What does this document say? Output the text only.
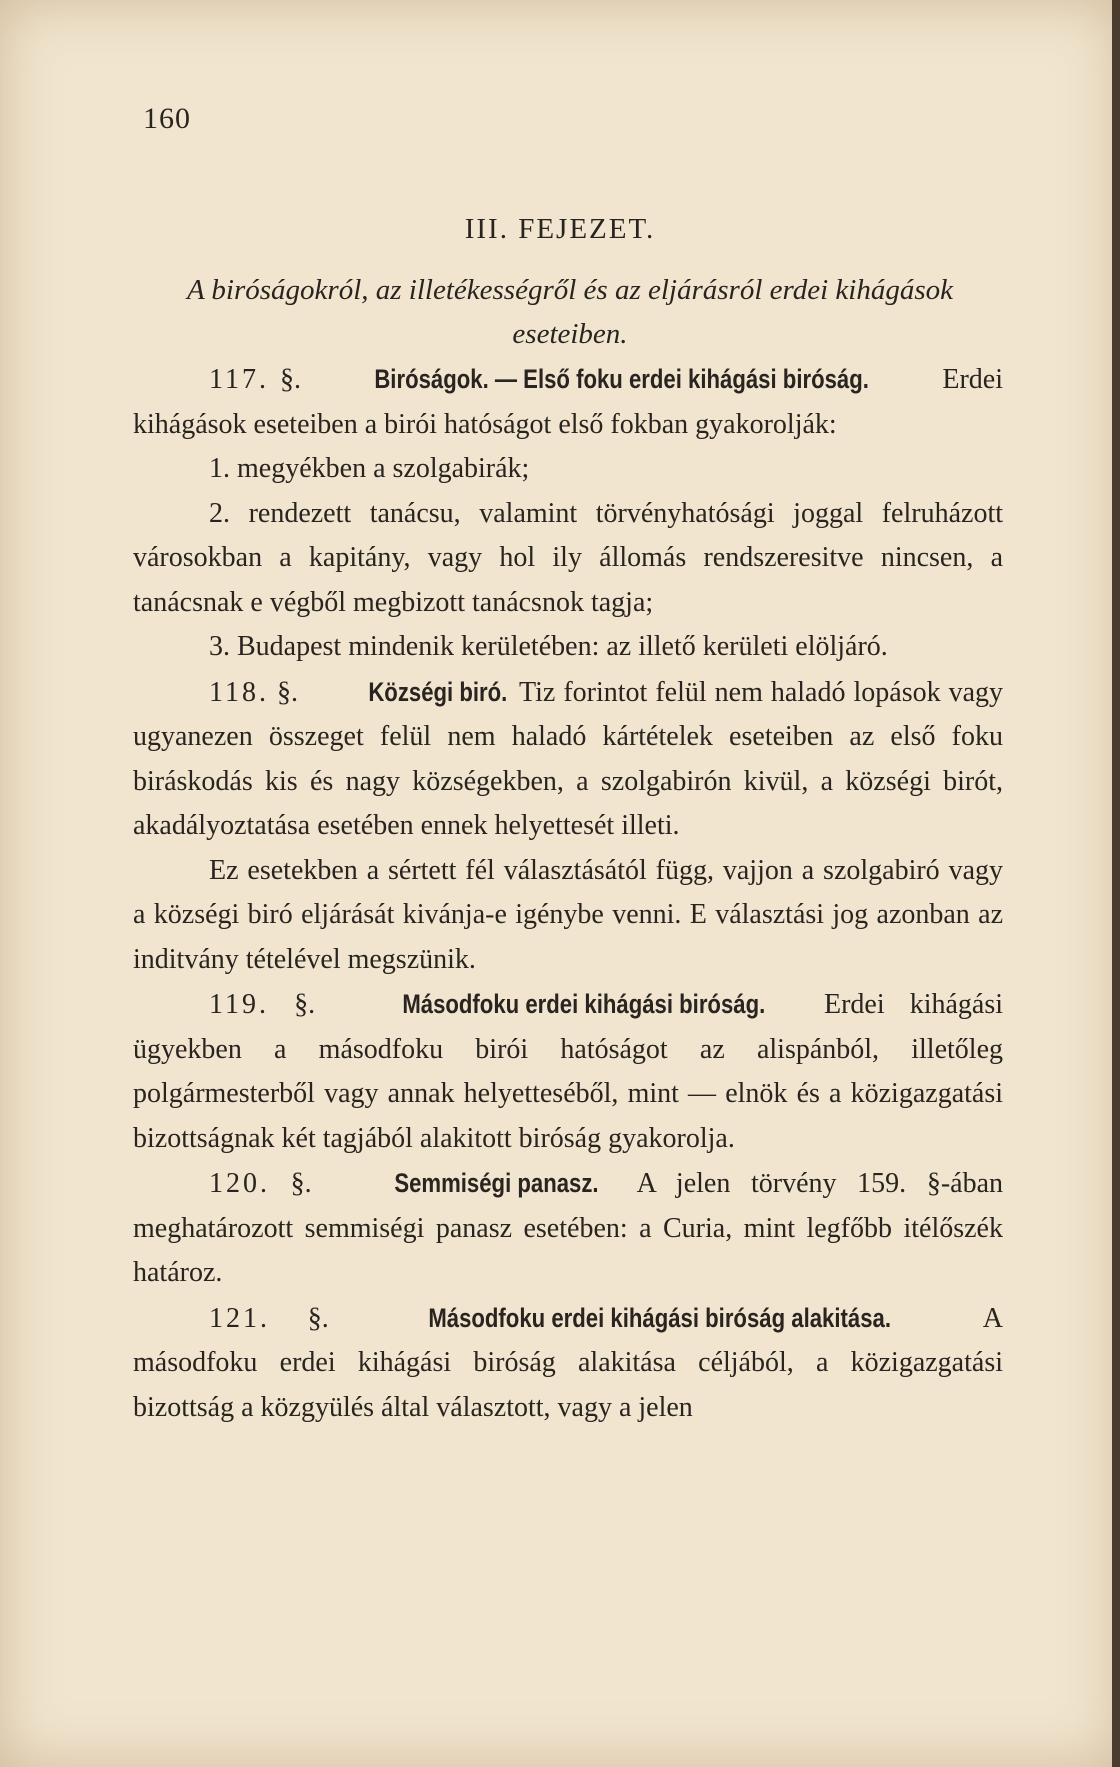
160
III. FEJEZET.
A biróságokról, az illetékességről és az eljárásról erdei kihágások eseteiben.

117. §.	Biróságok. — Első foku erdei kihágási biróság.	Erdei kihágások eseteiben a birói hatóságot első fokban gyakorolják:

1. megyékben a szolgabirák;

2. rendezett tanácsu, valamint törvényhatósági joggal felruházott városokban a kapitány, vagy hol ily állomás rendszeresitve nincsen, a tanácsnak e végből megbizott tanácsnok tagja;

3. Budapest mindenik kerületében: az illető kerületi elöljáró.

118. §.	Községi biró. Tiz forintot felül nem haladó lopások vagy ugyanezen összeget felül nem haladó kártételek eseteiben az első foku biráskodás kis és nagy községekben, a szolgabirón kivül, a községi birót, akadályoztatása esetében ennek helyettesét illeti.

Ez esetekben a sértett fél választásától függ, vajjon a szolgabiró vagy a községi biró eljárását kivánja-e igénybe venni. E választási jog azonban az inditvány tételével megszünik.

119. §.	Másodfoku erdei kihágási biróság. Erdei kihágási ügyekben a másodfoku birói hatóságot az alispánból, illetőleg polgármesterből vagy annak helyetteséből, mint — elnök és a közigazgatási bizottságnak két tagjából alakitott biróság gyakorolja.

120. §.	Semmiségi panasz. A jelen törvény 159. §-ában meghatározott semmiségi panasz esetében: a Curia, mint legfőbb itélőszék határoz.

121. §.	Másodfoku erdei kihágási biróság alakitása.	A másodfoku erdei kihágási biróság alakitása céljából, a közigazgatási bizottság a közgyülés által választott, vagy a jelen
